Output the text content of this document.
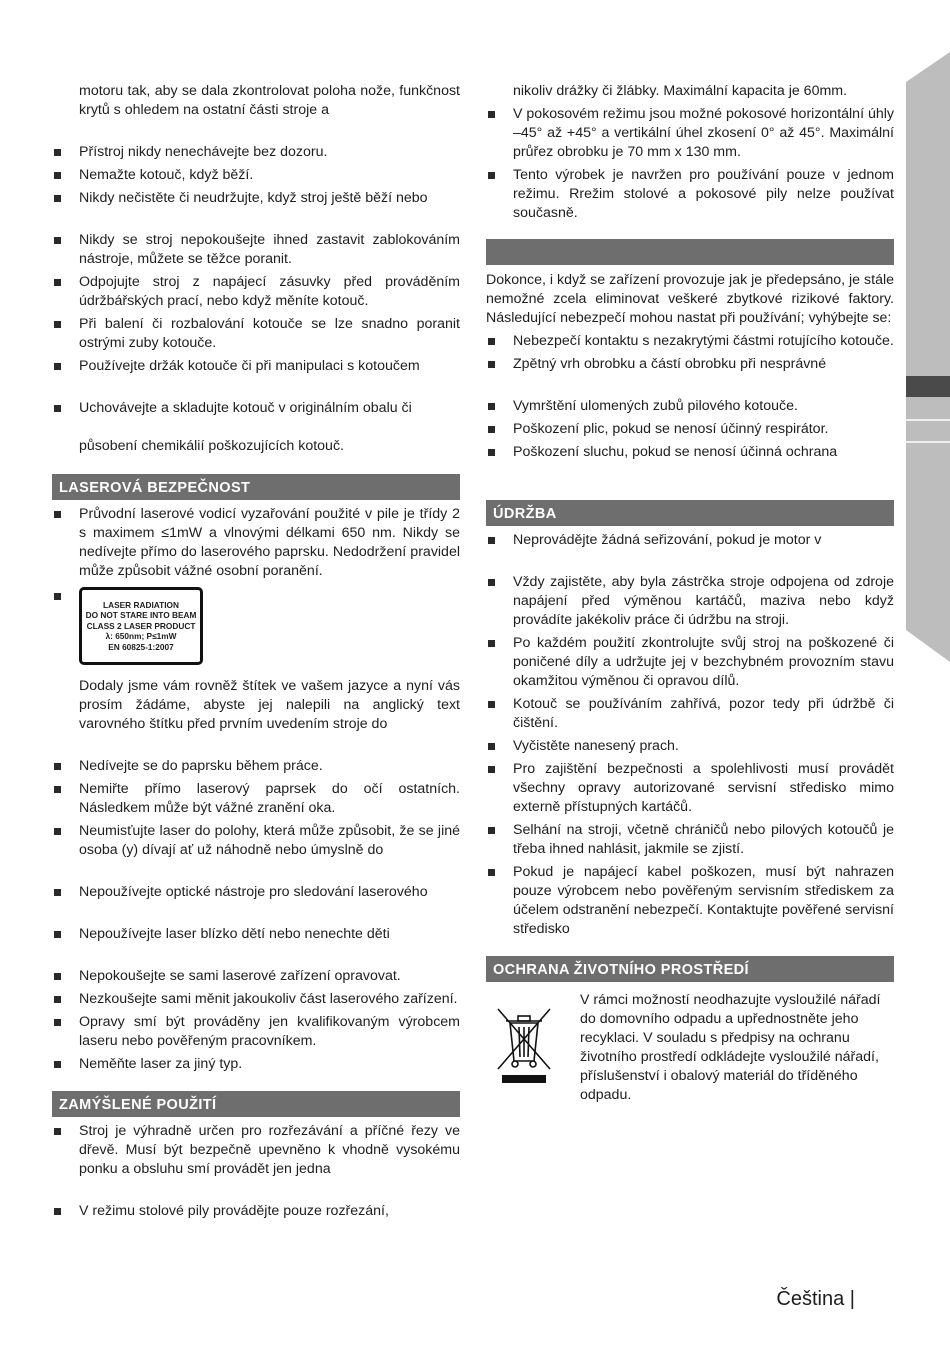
motoru tak, aby se dala zkontrolovat poloha nože, funkčnost krytů s ohledem na ostatní části stroje a

Přístroj nikdy nenechávejte bez dozoru.

Nemažte kotouč, když běží.

Nikdy nečistěte či neudržujte, když stroj ještě běží nebo

Nikdy se stroj nepokoušejte ihned zastavit zablokováním nástroje, můžete se těžce poranit.

Odpojujte stroj z napájecí zásuvky před prováděním údržbářských prací, nebo když měníte kotouč.

Při balení či rozbalování kotouče se lze snadno poranit ostrými zuby kotouče.

Používejte držák kotouče či při manipulaci s kotoučem

Uchovávejte a skladujte kotouč v originálním obalu či

působení chemikálií poškozujících kotouč.

LASEROVÁ BEZPEČNOST

Průvodní laserové vodicí vyzařování použité v pile je třídy 2 s maximem ≤1mW a vlnovými délkami 650 nm. Nikdy se nedívejte přímo do laserového paprsku. Nedodržení pravidel může způsobit vážné osobní poranění.

LASER RADIATION
DO NOT STARE INTO BEAM
CLASS 2 LASER PRODUCT
λ: 650nm; P≤1mW
EN 60825-1:2007

Dodaly jsme vám rovněž štítek ve vašem jazyce a nyní vás prosím žádáme, abyste jej nalepili na anglický text varovného štítku před prvním uvedením stroje do

Nedívejte se do paprsku během práce.

Nemiřte přímo laserový paprsek do očí ostatních. Následkem může být vážné zranění oka.

Neumisťujte laser do polohy, která může způsobit, že se jiné osoba (y) dívají ať už náhodně nebo úmyslně do

Nepoužívejte optické nástroje pro sledování laserového

Nepoužívejte laser blízko dětí nebo nenechte děti

Nepokoušejte se sami laserové zařízení opravovat.

Nezkoušejte sami měnit jakoukoliv část laserového zařízení.

Opravy smí být prováděny jen kvalifikovaným výrobcem laseru nebo pověřeným pracovníkem.

Neměňte laser za jiný typ.

ZAMÝŠLENÉ POUŽITÍ

Stroj je výhradně určen pro rozřezávání a příčné řezy ve dřevě. Musí být bezpečně upevněno k vhodně vysokému ponku a obsluhu smí provádět jen jedna

V režimu stolové pily provádějte pouze rozřezání,

nikoliv drážky či žlábky. Maximální kapacita je 60mm.

V pokosovém režimu jsou možné pokosové horizontální úhly –45° až +45° a vertikální úhel zkosení 0° až 45°. Maximální průřez obrobku je 70 mm x 130 mm.

Tento výrobek je navržen pro používání pouze v jednom režimu. Rrežim stolové a pokosové pily nelze používat současně.

Dokonce, i když se zařízení provozuje jak je předepsáno, je stále nemožné zcela eliminovat veškeré zbytkové rizikové faktory. Následující nebezpečí mohou nastat při používání; vyhýbejte se:

Nebezpečí kontaktu s nezakrytými částmi rotujícího kotouče.

Zpětný vrh obrobku a částí obrobku při nesprávné

Vymrštění ulomených zubů pilového kotouče.

Poškození plic, pokud se nenosí účinný respirátor.

Poškození sluchu, pokud se nenosí účinná ochrana

ÚDRŽBA

Neprovádějte žádná seřizování, pokud je motor v

Vždy zajistěte, aby byla zástrčka stroje odpojena od zdroje napájení před výměnou kartáčů, maziva nebo když provádíte jakékoliv práce či údržbu na stroji.

Po každém použití zkontrolujte svůj stroj na poškozené či poničené díly a udržujte jej v bezchybném provozním stavu okamžitou výměnou či opravou dílů.

Kotouč se používáním zahřívá, pozor tedy při údržbě či čištění.

Vyčistěte nanesený prach.

Pro zajištění bezpečnosti a spolehlivosti musí provádět všechny opravy autorizované servisní středisko mimo externě přístupných kartáčů.

Selhání na stroji, včetně chráničů nebo pilových kotoučů je třeba ihned nahlásit, jakmile se zjistí.

Pokud je napájecí kabel poškozen, musí být nahrazen pouze výrobcem nebo pověřeným servisním střediskem za účelem odstranění nebezpečí. Kontaktujte pověřené servisní středisko

OCHRANA ŽIVOTNÍHO PROSTŘEDÍ

V rámci možností neodhazujte vysloužilé nářadí do domovního odpadu a upřednostněte jeho recyklaci. V souladu s předpisy na ochranu životního prostředí odkládejte vysloužilé nářadí, příslušenství i obalový materiál do tříděného odpadu.

Čeština |
